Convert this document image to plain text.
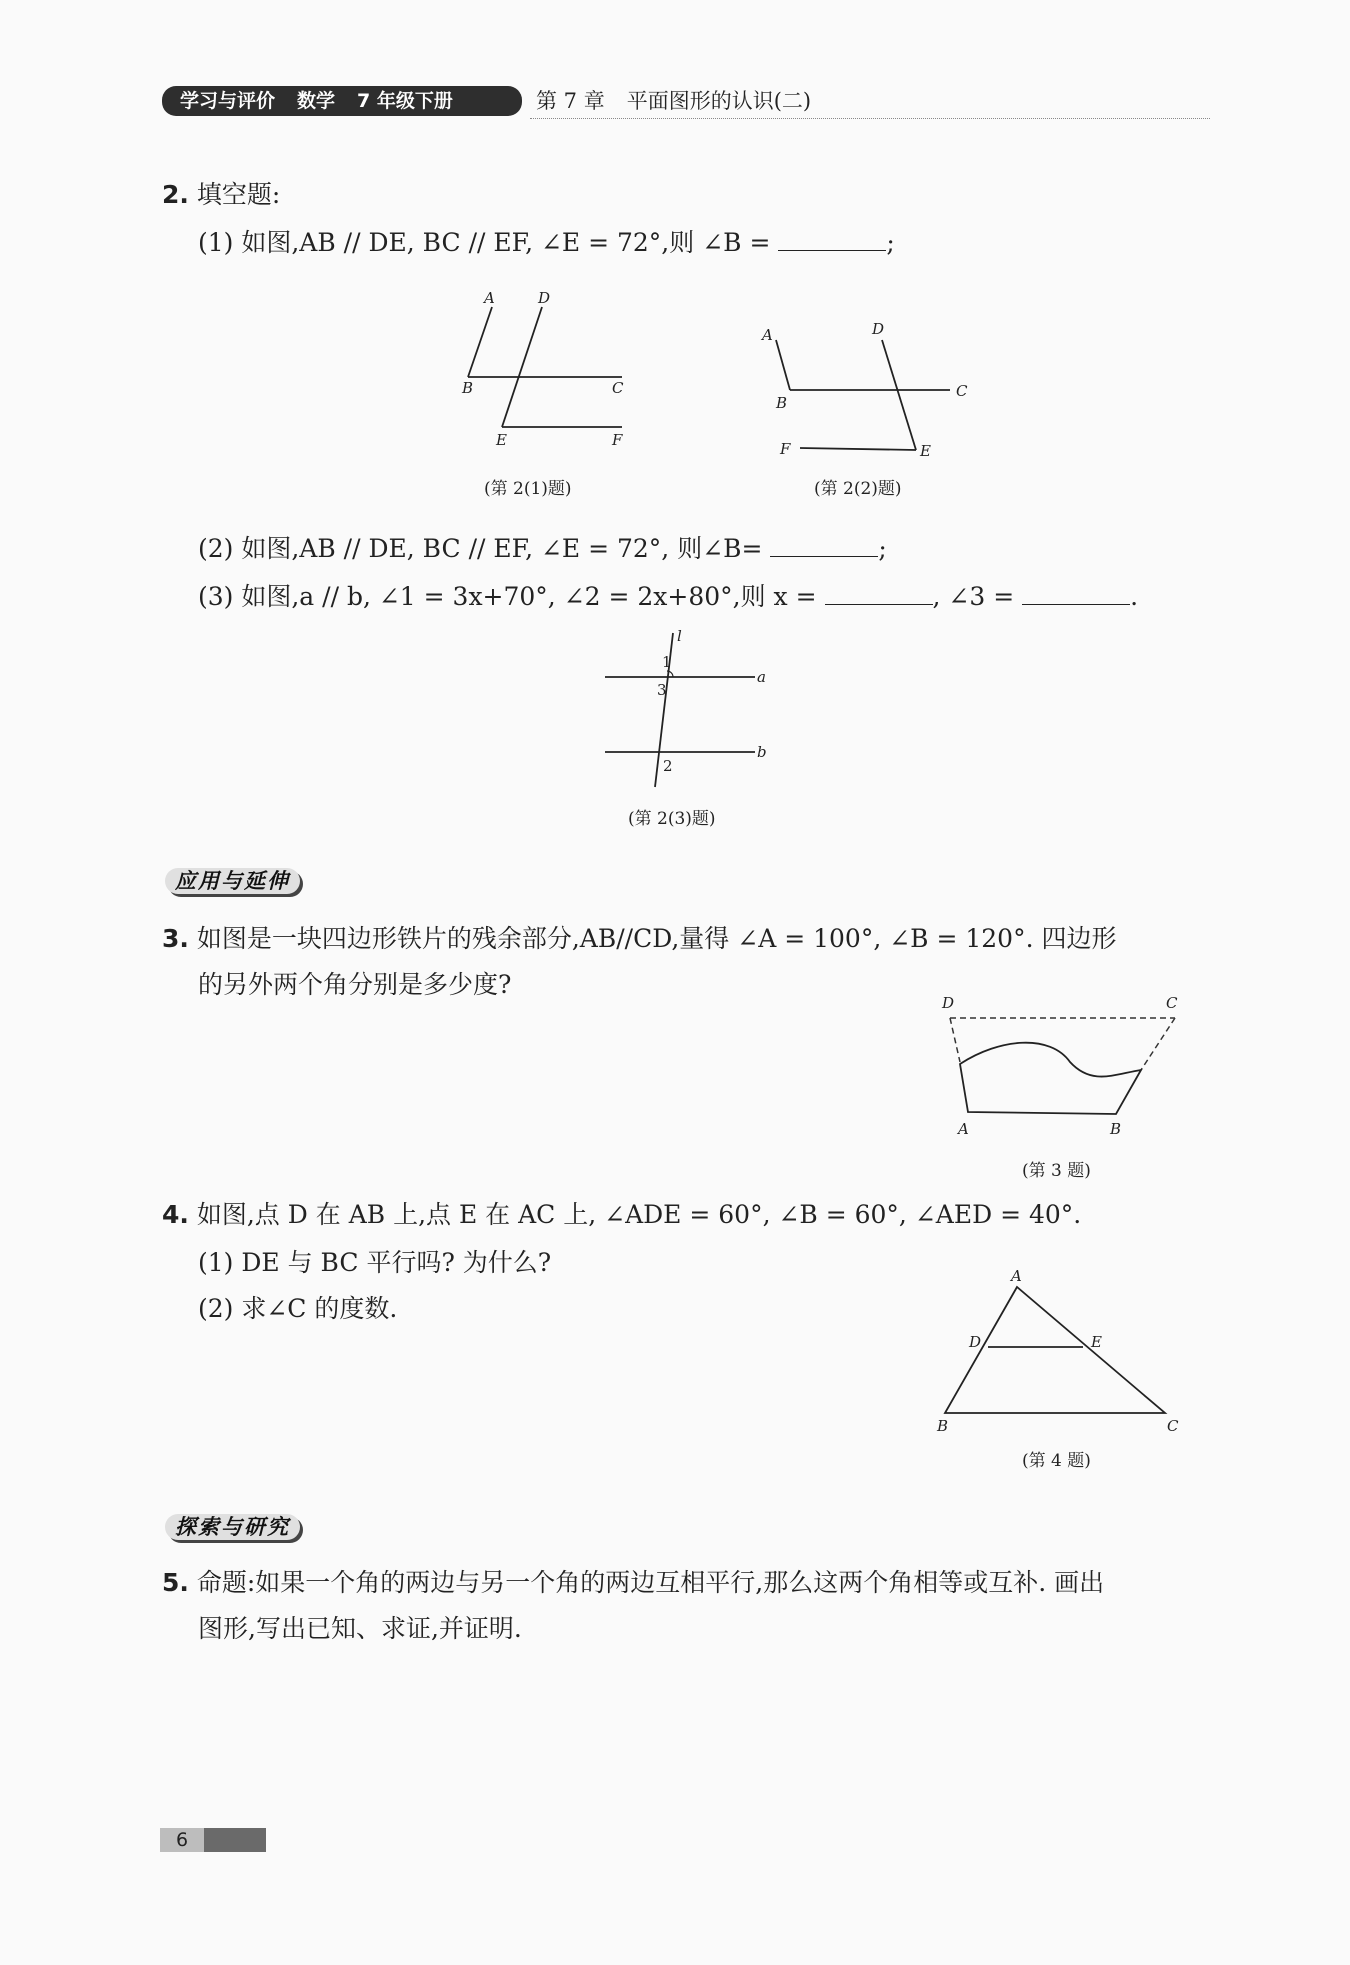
学习与评价 数学 7 年级下册	第 7 章 平面图形的认识(二)
2. 填空题:
(1) 如图,AB // DE, BC // EF, ∠E = 72°,则 ∠B =	;
A	D
B	C
E	F
(第 2(1)题)
A	D
B
C
F	E
(第 2(2)题)
(2) 如图,AB // DE, BC // EF, ∠E = 72°, 则∠B=	;
(3) 如图,a // b, ∠1 = 3x+70°, ∠2 = 2x+80°,则 x =	, ∠3 =	.
l
1
3
a
b
2
(第 2(3)题)
应用与延伸
3. 如图是一块四边形铁片的残余部分,AB//CD,量得 ∠A = 100°, ∠B = 120°. 四边形
的另外两个角分别是多少度?
D	C
A	B
(第 3 题)
4. 如图,点 D 在 AB 上,点 E 在 AC 上, ∠ADE = 60°, ∠B = 60°, ∠AED = 40°.
(1) DE 与 BC 平行吗? 为什么?
(2) 求∠C 的度数.
A
D	E
B	C
(第 4 题)
探索与研究
5. 命题:如果一个角的两边与另一个角的两边互相平行,那么这两个角相等或互补. 画出
图形,写出已知、求证,并证明.
6
